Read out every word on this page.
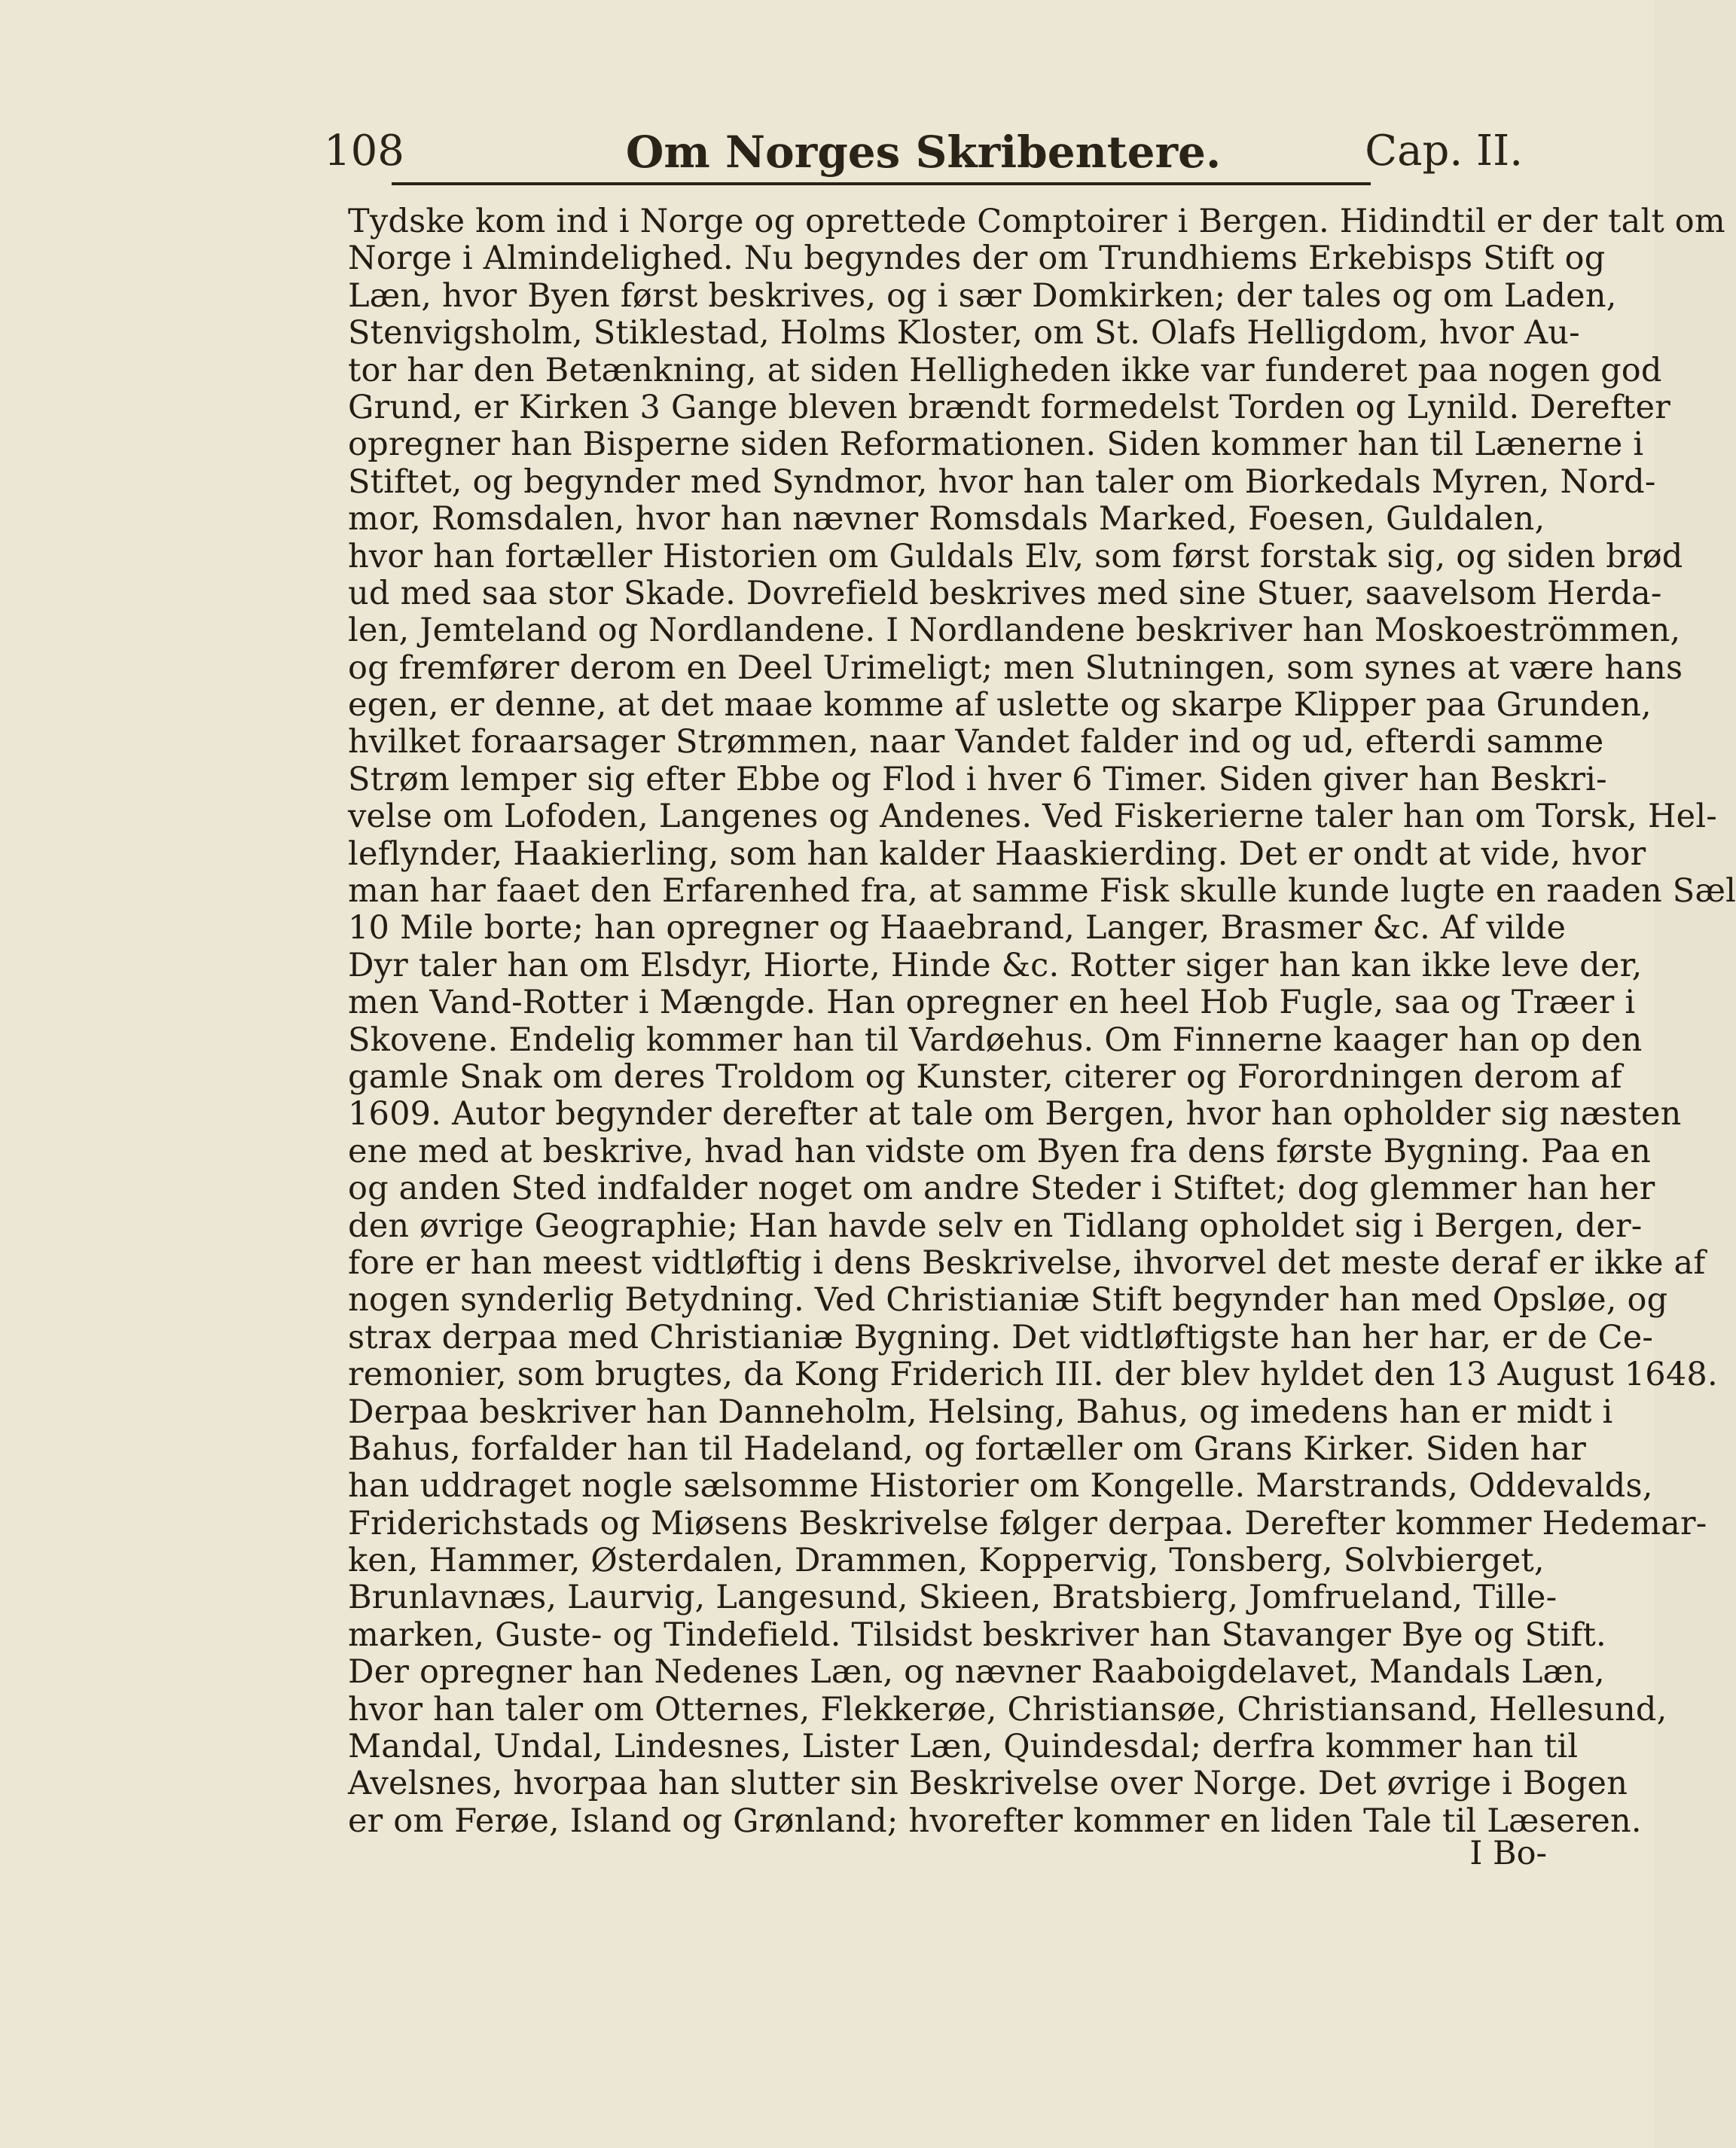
108	Om Norges Skribentere.	Cap. II.
Tydske kom ind i Norge og oprettede Comptoirer i Bergen. Hidindtil er der talt om
Norge i Almindelighed. Nu begyndes der om Trundhiems Erkebisps Stift og
Læn, hvor Byen først beskrives, og i sær Domkirken; der tales og om Laden,
Stenvigsholm, Stiklestad, Holms Kloster, om St. Olafs Helligdom, hvor Au-
tor har den Betænkning, at siden Helligheden ikke var funderet paa nogen god
Grund, er Kirken 3 Gange bleven brændt formedelst Torden og Lynild. Derefter
opregner han Bisperne siden Reformationen. Siden kommer han til Lænerne i
Stiftet, og begynder med Syndmor, hvor han taler om Biorkedals Myren, Nord-
mor, Romsdalen, hvor han nævner Romsdals Marked, Foesen, Guldalen,
hvor han fortæller Historien om Guldals Elv, som først forstak sig, og siden brød
ud med saa stor Skade. Dovrefield beskrives med sine Stuer, saavelsom Herda-
len, Jemteland og Nordlandene. I Nordlandene beskriver han Moskoeströmmen,
og fremfører derom en Deel Urimeligt; men Slutningen, som synes at være hans
egen, er denne, at det maae komme af uslette og skarpe Klipper paa Grunden,
hvilket foraarsager Strømmen, naar Vandet falder ind og ud, efterdi samme
Strøm lemper sig efter Ebbe og Flod i hver 6 Timer. Siden giver han Beskri-
velse om Lofoden, Langenes og Andenes. Ved Fiskerierne taler han om Torsk, Hel-
leflynder, Haakierling, som han kalder Haaskierding. Det er ondt at vide, hvor
man har faaet den Erfarenhed fra, at samme Fisk skulle kunde lugte en raaden Sæl
10 Mile borte; han opregner og Haaebrand, Langer, Brasmer &c. Af vilde
Dyr taler han om Elsdyr, Hiorte, Hinde &c. Rotter siger han kan ikke leve der,
men Vand-Rotter i Mængde. Han opregner en heel Hob Fugle, saa og Træer i
Skovene. Endelig kommer han til Vardøehus. Om Finnerne kaager han op den
gamle Snak om deres Troldom og Kunster, citerer og Forordningen derom af
1609. Autor begynder derefter at tale om Bergen, hvor han opholder sig næsten
ene med at beskrive, hvad han vidste om Byen fra dens første Bygning. Paa en
og anden Sted indfalder noget om andre Steder i Stiftet; dog glemmer han her
den øvrige Geographie; Han havde selv en Tidlang opholdet sig i Bergen, der-
fore er han meest vidtløftig i dens Beskrivelse, ihvorvel det meste deraf er ikke af
nogen synderlig Betydning. Ved Christianiæ Stift begynder han med Opsløe, og
strax derpaa med Christianiæ Bygning. Det vidtløftigste han her har, er de Ce-
remonier, som brugtes, da Kong Friderich III. der blev hyldet den 13 August 1648.
Derpaa beskriver han Danneholm, Helsing, Bahus, og imedens han er midt i
Bahus, forfalder han til Hadeland, og fortæller om Grans Kirker. Siden har
han uddraget nogle sælsomme Historier om Kongelle. Marstrands, Oddevalds,
Friderichstads og Miøsens Beskrivelse følger derpaa. Derefter kommer Hedemar-
ken, Hammer, Østerdalen, Drammen, Koppervig, Tonsberg, Solvbierget,
Brunlavnæs, Laurvig, Langesund, Skieen, Bratsbierg, Jomfrueland, Tille-
marken, Guste- og Tindefield. Tilsidst beskriver han Stavanger Bye og Stift.
Der opregner han Nedenes Læn, og nævner Raaboigdelavet, Mandals Læn,
hvor han taler om Otternes, Flekkerøe, Christiansøe, Christiansand, Hellesund,
Mandal, Undal, Lindesnes, Lister Læn, Quindesdal; derfra kommer han til
Avelsnes, hvorpaa han slutter sin Beskrivelse over Norge. Det øvrige i Bogen
er om Ferøe, Island og Grønland; hvorefter kommer en liden Tale til Læseren.
I Bo-
